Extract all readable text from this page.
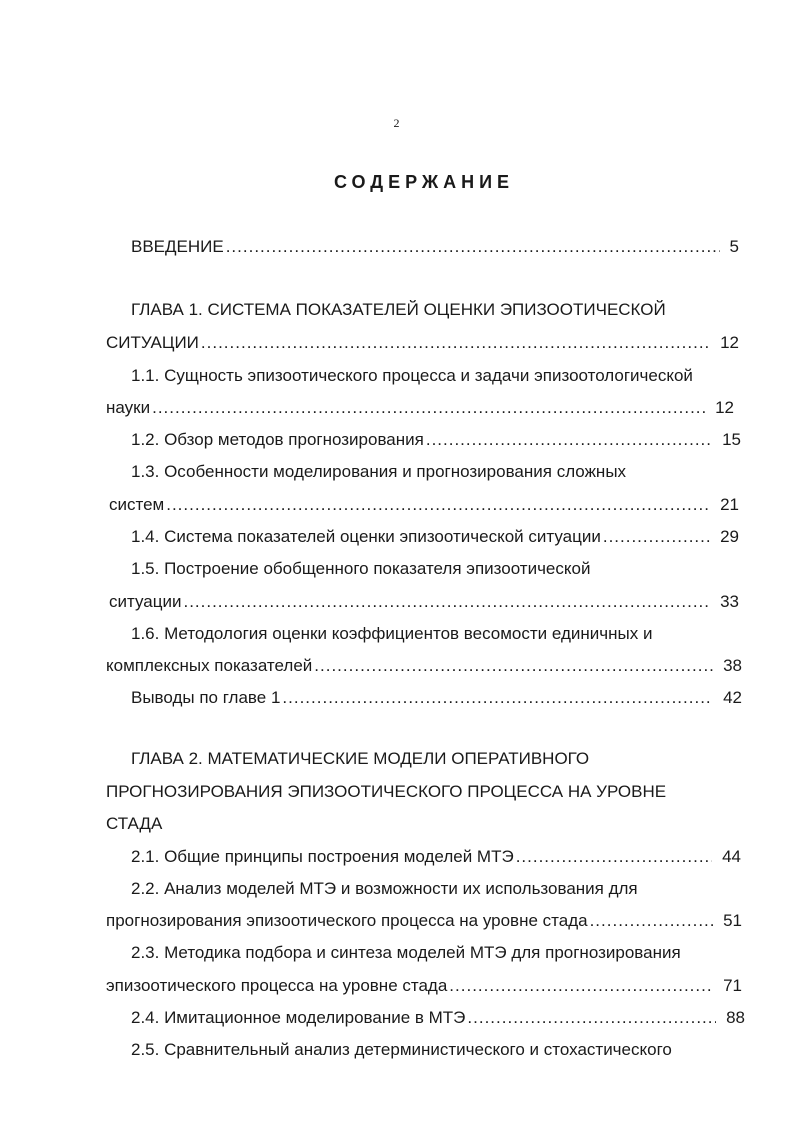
2
СОДЕРЖАНИЕ
ВВЕДЕНИЕ .....	5
ГЛАВА 1. СИСТЕМА ПОКАЗАТЕЛЕЙ ОЦЕНКИ ЭПИЗООТИЧЕСКОЙ
СИТУАЦИИ .....	12
1.1. Сущность эпизоотического процесса и задачи эпизоотологической
науки .....	12
1.2. Обзор методов прогнозирования .....	15
1.3. Особенности моделирования и прогнозирования сложных
систем .....	21
1.4. Система показателей оценки эпизоотической ситуации .....	29
1.5. Построение обобщенного показателя эпизоотической
ситуации .....	33
1.6. Методология оценки коэффициентов весомости единичных и
комплексных показателей .....	38
Выводы по главе 1 .....	42
ГЛАВА 2. МАТЕМАТИЧЕСКИЕ МОДЕЛИ ОПЕРАТИВНОГО
ПРОГНОЗИРОВАНИЯ ЭПИЗООТИЧЕСКОГО ПРОЦЕССА НА УРОВНЕ
СТАДА
2.1. Общие принципы построения моделей МТЭ .....	44
2.2. Анализ моделей МТЭ и возможности их использования для
прогнозирования эпизоотического процесса на уровне стада .....	51
2.3. Методика подбора и синтеза моделей МТЭ для прогнозирования
эпизоотического процесса на уровне стада .....	71
2.4. Имитационное моделирование в МТЭ .....	88
2.5. Сравнительный анализ детерминистического и стохастического
